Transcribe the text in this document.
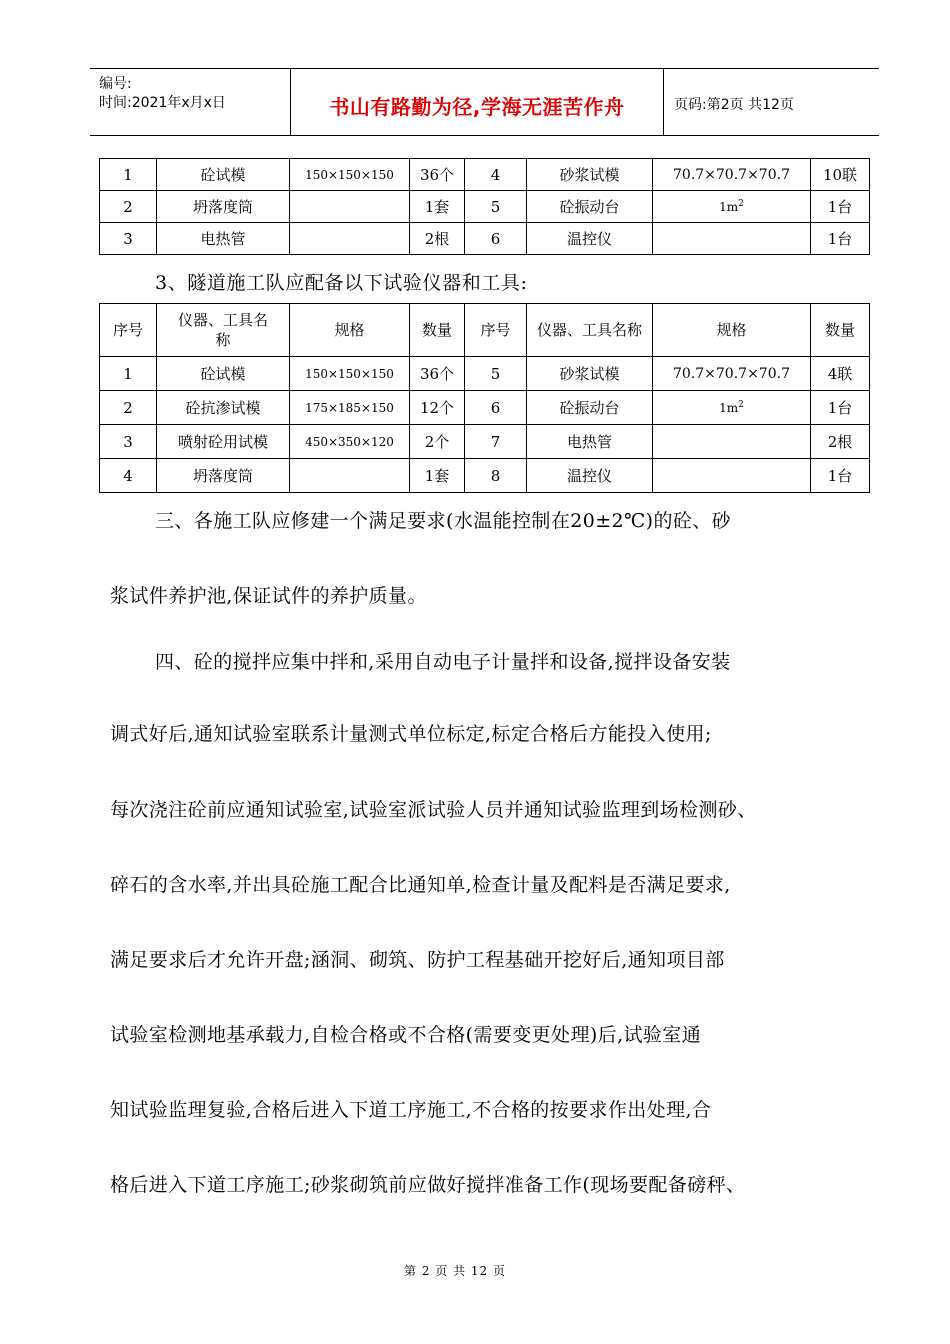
编号:
时间:2021年x月x日	书山有路勤为径,学海无涯苦作舟	页码:第2页 共12页
1	砼试模	150×150×150	36个	4	砂浆试模	70.7×70.7×70.7	10联
2	坍落度筒		1套	5	砼振动台	$1m^2$	1台
3	电热管		2根	6	温控仪		1台
3、隧道施工队应配备以下试验仪器和工具:
序号	仪器、工具名称	规格	数量	序号	仪器、工具名称	规格	数量
1	砼试模	150×150×150	36个	5	砂浆试模	70.7×70.7×70.7	4联
2	砼抗渗试模	175×185×150	12个	6	砼振动台	$1m^2$	1台
3	喷射砼用试模	450×350×120	2个	7	电热管		2根
4	坍落度筒		1套	8	温控仪		1台
三、各施工队应修建一个满足要求(水温能控制在20±2℃)的砼、砂
浆试件养护池,保证试件的养护质量。
四、砼的搅拌应集中拌和,采用自动电子计量拌和设备,搅拌设备安装
调式好后,通知试验室联系计量测式单位标定,标定合格后方能投入使用;
每次浇注砼前应通知试验室,试验室派试验人员并通知试验监理到场检测砂、
碎石的含水率,并出具砼施工配合比通知单,检查计量及配料是否满足要求,
满足要求后才允许开盘;涵洞、砌筑、防护工程基础开挖好后,通知项目部
试验室检测地基承载力,自检合格或不合格(需要变更处理)后,试验室通
知试验监理复验,合格后进入下道工序施工,不合格的按要求作出处理,合
格后进入下道工序施工;砂浆砌筑前应做好搅拌准备工作(现场要配备磅秤、
第 2 页 共 12 页
